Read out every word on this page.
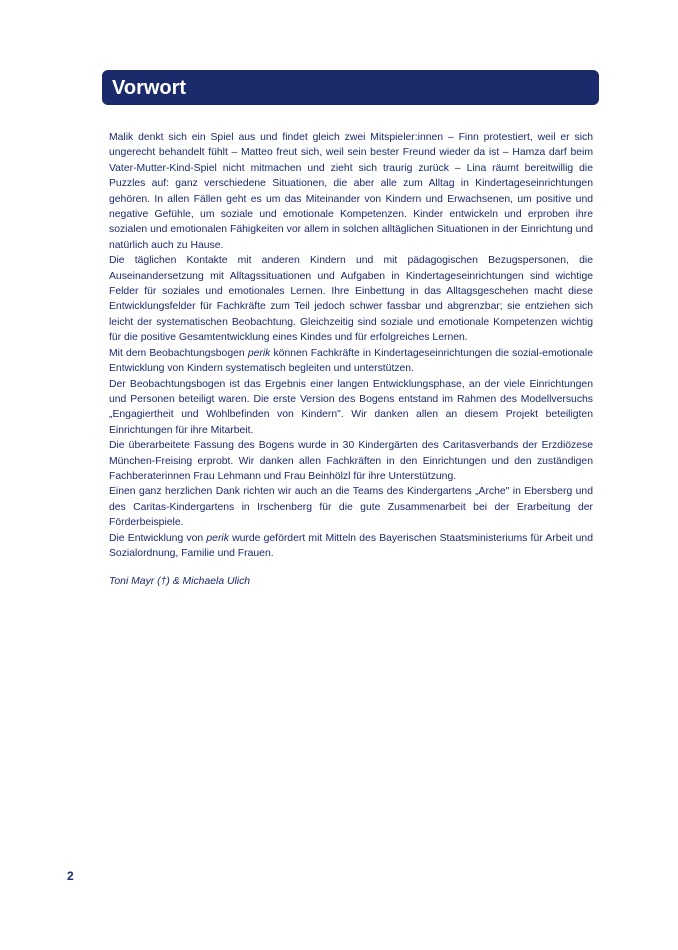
Vorwort

Malik denkt sich ein Spiel aus und findet gleich zwei Mitspieler:innen – Finn protestiert, weil er sich ungerecht behandelt fühlt – Matteo freut sich, weil sein bester Freund wieder da ist – Hamza darf beim Vater-Mutter-Kind-Spiel nicht mitmachen und zieht sich traurig zurück – Lina räumt bereitwillig die Puzzles auf: ganz verschiedene Situationen, die aber alle zum Alltag in Kindertageseinrichtungen gehören. In allen Fällen geht es um das Miteinander von Kindern und Erwachsenen, um positive und negative Gefühle, um soziale und emotionale Kompetenzen. Kinder entwickeln und erproben ihre sozialen und emotionalen Fähigkeiten vor allem in solchen alltäglichen Situationen in der Einrichtung und natürlich auch zu Hause.

Die täglichen Kontakte mit anderen Kindern und mit pädagogischen Bezugspersonen, die Auseinandersetzung mit Alltagssituationen und Aufgaben in Kindertageseinrichtungen sind wichtige Felder für soziales und emotionales Lernen. Ihre Einbettung in das Alltagsgeschehen macht diese Entwicklungsfelder für Fachkräfte zum Teil jedoch schwer fassbar und abgrenzbar; sie entziehen sich leicht der systematischen Beobachtung. Gleichzeitig sind soziale und emotionale Kompetenzen wichtig für die positive Gesamtentwicklung eines Kindes und für erfolgreiches Lernen.

Mit dem Beobachtungsbogen perik können Fachkräfte in Kindertageseinrichtungen die sozial-emotionale Entwicklung von Kindern systematisch begleiten und unterstützen.

Der Beobachtungsbogen ist das Ergebnis einer langen Entwicklungsphase, an der viele Einrichtungen und Personen beteiligt waren. Die erste Version des Bogens entstand im Rahmen des Modellversuchs „Engagiertheit und Wohlbefinden von Kindern". Wir danken allen an diesem Projekt beteiligten Einrichtungen für ihre Mitarbeit.

Die überarbeitete Fassung des Bogens wurde in 30 Kindergärten des Caritasverbands der Erzdiözese München-Freising erprobt. Wir danken allen Fachkräften in den Einrichtungen und den zuständigen Fachberaterinnen Frau Lehmann und Frau Beinhölzl für ihre Unterstützung.

Einen ganz herzlichen Dank richten wir auch an die Teams des Kindergartens „Arche" in Ebersberg und des Caritas-Kindergartens in Irschenberg für die gute Zusammenarbeit bei der Erarbeitung der Förderbeispiele.

Die Entwicklung von perik wurde gefördert mit Mitteln des Bayerischen Staatsministeriums für Arbeit und Sozialordnung, Familie und Frauen.

Toni Mayr (†) & Michaela Ulich
2
